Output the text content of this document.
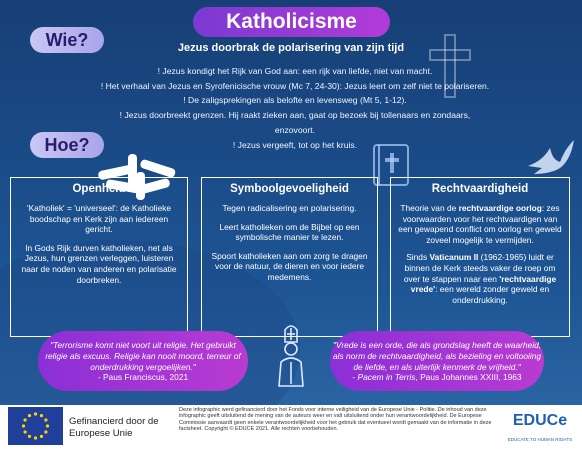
Katholicisme
Wie?
Hoe?
Jezus doorbrak de polarisering van zijn tijd
! Jezus kondigt het Rijk van God aan: een rijk van liefde, niet van macht.
! Het verhaal van Jezus en Syrofenicische vrouw (Mc 7, 24-30): Jezus leert om zelf niet te polariseren.
! De zaligsprekingen als belofte en levensweg (Mt 5, 1-12).
! Jezus doorbreekt grenzen. Hij raakt zieken aan, gaat op bezoek bij tollenaars en zondaars, enzovoort.
! Jezus vergeeft, tot op het kruis.
Openheid

'Katholiek' = 'universeel': de Katholieke boodschap en Kerk zijn aan iedereen gericht.

In Gods Rijk durven katholieken, net als Jezus, hun grenzen verleggen, luisteren naar de noden van anderen en polarisatie doorbreken.

Symboolgevoeligheid

Tegen radicalisering en polarisering.

Leert katholieken om de Bijbel op een symbolische manier te lezen.

Spoort katholieken aan om zorg te dragen voor de natuur, de dieren en voor iedere medemens.

Rechtvaardigheid

Theorie van de rechtvaardige oorlog: zes voorwaarden voor het rechtvaardigen van een gewapend conflict om oorlog en geweld zoveel mogelijk te vermijden.

Sinds Vaticanum II (1962-1965) luidt er binnen de Kerk steeds vaker de roep om over te stappen naar een 'rechtvaardige vrede': een wereld zonder geweld en onderdrukking.

"Terrorisme komt niet voort uit religie. Het gebruikt religie als excuus. Religie kan nooit moord, terreur of onderdrukking vergoelijken."
- Paus Franciscus, 2021
"Vrede is een orde, die als grondslag heeft de waarheid, als norm de rechtvaardigheid, als bezieling en voltooiing de liefde, en als uiterlijk kenmerk de vrijheid."
- Pacem in Terris, Paus Johannes XXIII, 1963
Gefinancierd door de Europese Unie
Deze infographic werd gefinancierd door het Fonds voor interne veiligheid van de Europese Unie - Politie. De inhoud van deze infographic geeft uitsluitend de mening van de auteurs weer en valt uitsluitend onder hun verantwoordelijkheid. De Europese Commissie aanvaardt geen enkele verantwoordelijkheid voor het gebruik dat eventueel wordt gemaakt van de informatie in deze factsheet. Copyright © EDUCE 2021. Alle rechten voorbehouden.
EDUCe
EDUCATE TO HUMAN RIGHTS
